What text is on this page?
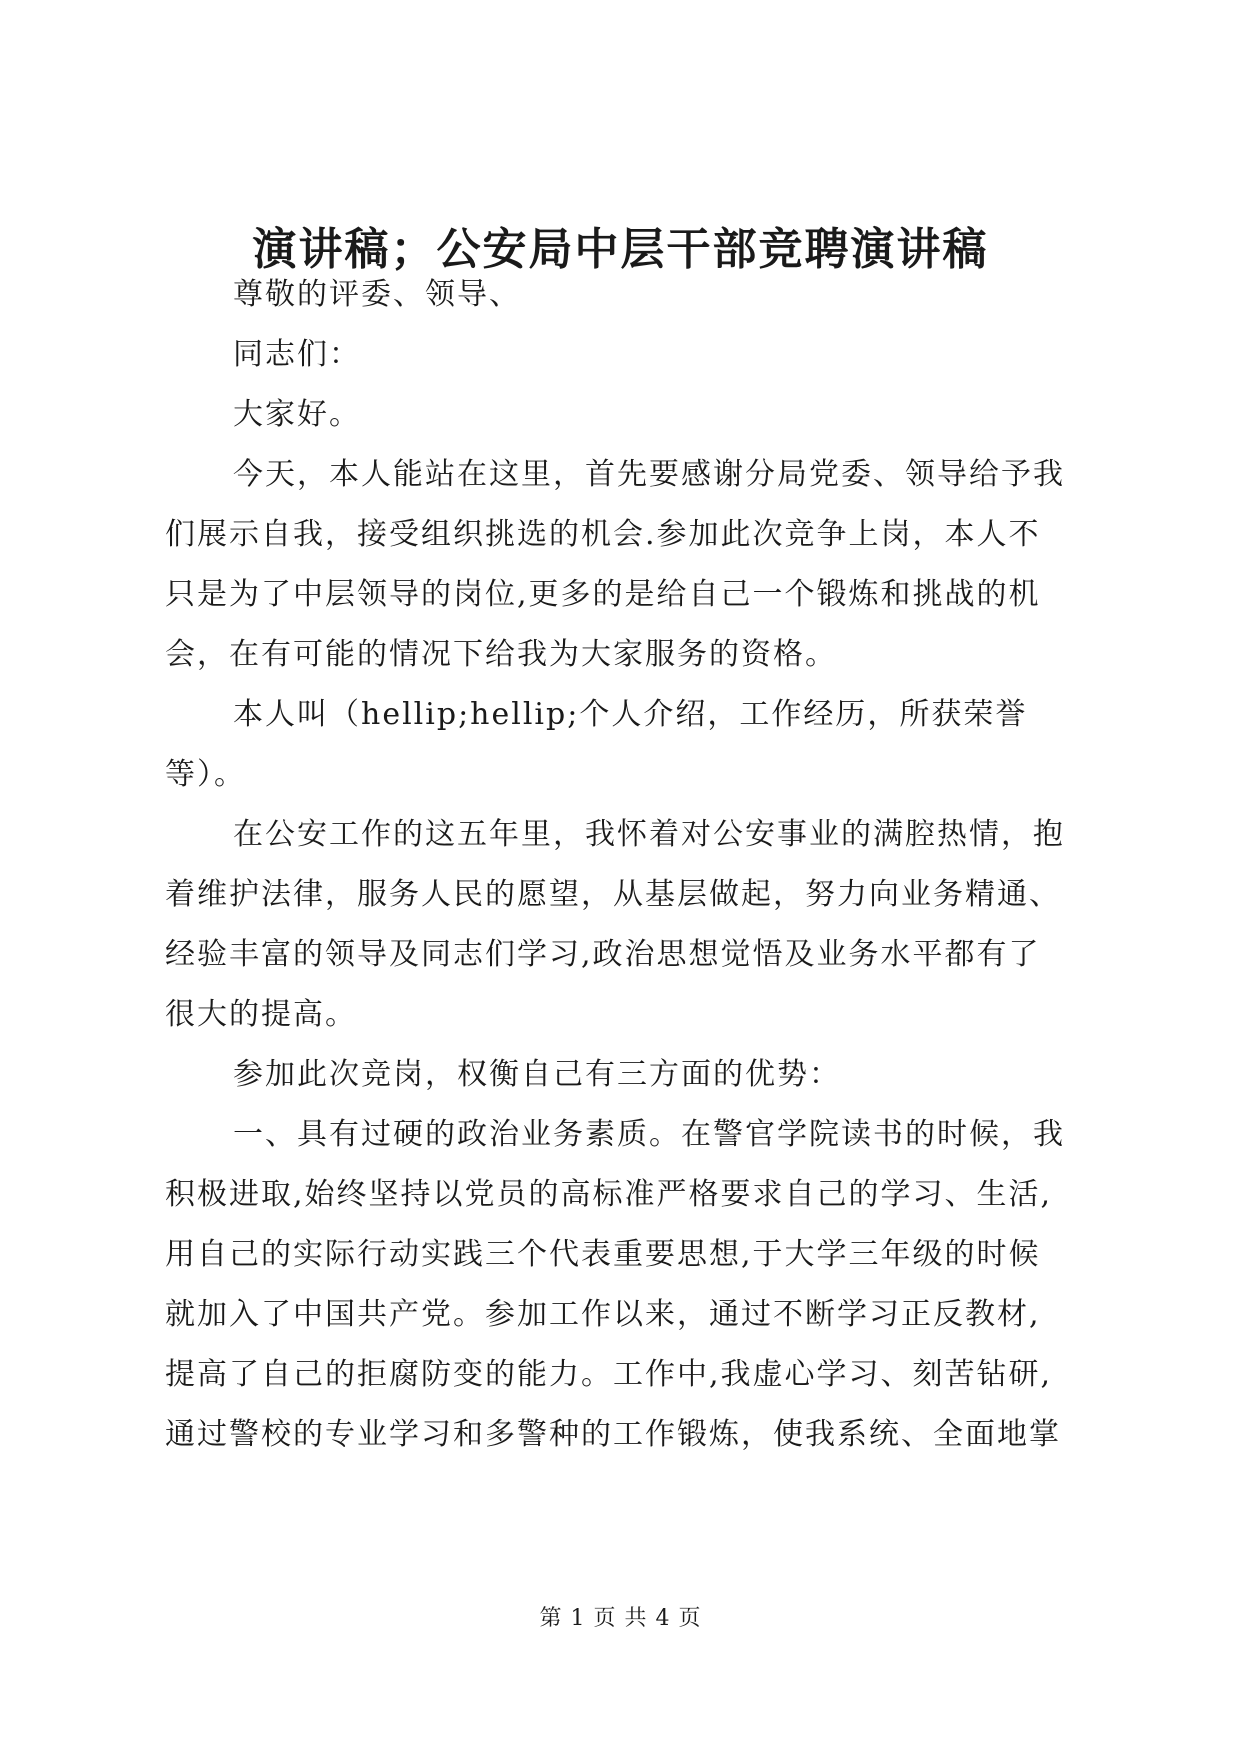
演讲稿；公安局中层干部竞聘演讲稿
尊敬的评委、领导、
同志们：
大家好。
今天，本人能站在这里，首先要感谢分局党委、领导给予我
们展示自我，接受组织挑选的机会.参加此次竞争上岗，本人不
只是为了中层领导的岗位,更多的是给自己一个锻炼和挑战的机
会，在有可能的情况下给我为大家服务的资格。
本人叫（hellip;hellip;个人介绍，工作经历，所获荣誉
等）。
在公安工作的这五年里，我怀着对公安事业的满腔热情，抱
着维护法律，服务人民的愿望，从基层做起，努力向业务精通、
经验丰富的领导及同志们学习,政治思想觉悟及业务水平都有了
很大的提高。
参加此次竞岗，权衡自己有三方面的优势：
一、具有过硬的政治业务素质。在警官学院读书的时候，我
积极进取,始终坚持以党员的高标准严格要求自己的学习、生活,
用自己的实际行动实践三个代表重要思想,于大学三年级的时候
就加入了中国共产党。参加工作以来，通过不断学习正反教材,
提高了自己的拒腐防变的能力。工作中,我虚心学习、刻苦钻研,
通过警校的专业学习和多警种的工作锻炼，使我系统、全面地掌
第 1 页 共 4 页
